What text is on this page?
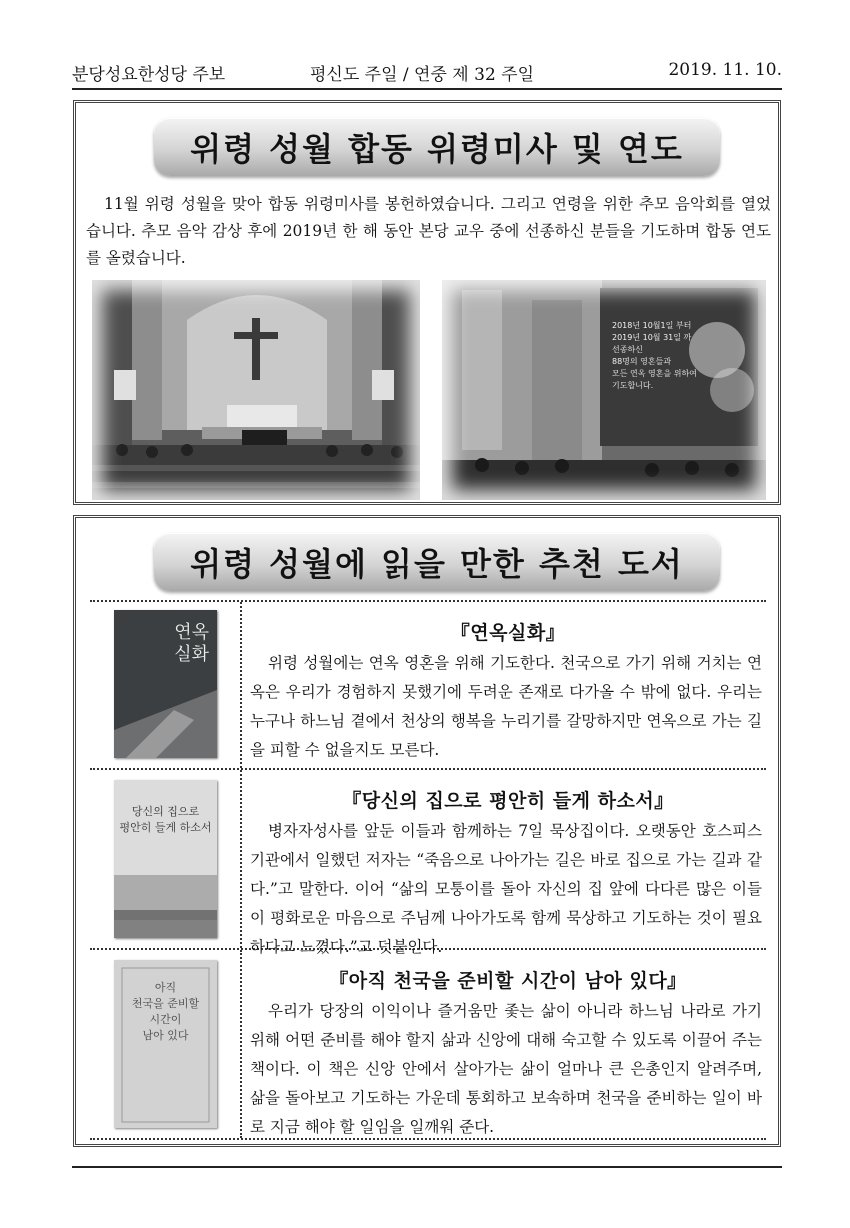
분당성요한성당 주보	평신도 주일 / 연중 제 32 주일	2019. 11. 10.
위령 성월 합동 위령미사 및 연도
11월 위령 성월을 맞아 합동 위령미사를 봉헌하였습니다. 그리고 연령을 위한 추모 음악회를 열었습니다. 추모 음악 감상 후에 2019년 한 해 동안 본당 교우 중에 선종하신 분들을 기도하며 합동 연도를 올렸습니다.
2018년 10월1일 부터
2019년 10월 31일 까
선종하신
88명의 영혼들과
모든 연옥 영혼을 위하여
기도합니다.
위령 성월에 읽을 만한 추천 도서
연옥
실화
『연옥실화』
위령 성월에는 연옥 영혼을 위해 기도한다. 천국으로 가기 위해 거치는 연옥은 우리가 경험하지 못했기에 두려운 존재로 다가올 수 밖에 없다. 우리는 누구나 하느님 곁에서 천상의 행복을 누리기를 갈망하지만 연옥으로 가는 길을 피할 수 없을지도 모른다.
당신의 집으로
평안히 들게 하소서
『당신의 집으로 평안히 들게 하소서』
병자자성사를 앞둔 이들과 함께하는 7일 묵상집이다. 오랫동안 호스피스 기관에서 일했던 저자는 “죽음으로 나아가는 길은 바로 집으로 가는 길과 같다.”고 말한다. 이어 “삶의 모퉁이를 돌아 자신의 집 앞에 다다른 많은 이들이 평화로운 마음으로 주님께 나아가도록 함께 묵상하고 기도하는 것이 필요하다고 느꼈다.”고 덧붙인다.
아직
천국을 준비할
시간이
남아 있다
『아직 천국을 준비할 시간이 남아 있다』
우리가 당장의 이익이나 즐거움만 좇는 삶이 아니라 하느님 나라로 가기 위해 어떤 준비를 해야 할지 삶과 신앙에 대해 숙고할 수 있도록 이끌어 주는 책이다. 이 책은 신앙 안에서 살아가는 삶이 얼마나 큰 은총인지 알려주며, 삶을 돌아보고 기도하는 가운데 통회하고 보속하며 천국을 준비하는 일이 바로 지금 해야 할 일임을 일깨워 준다.
